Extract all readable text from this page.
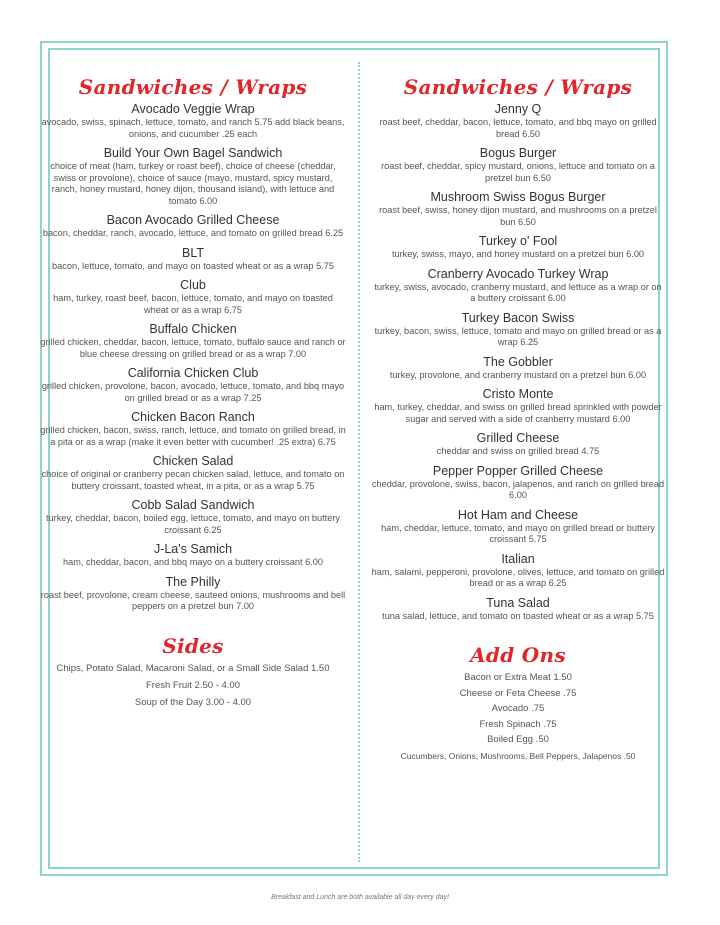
Sandwiches / Wraps
Avocado Veggie Wrap
avocado, swiss, spinach, lettuce, tomato, and ranch 5.75 add black beans, onions, and cucumber .25 each
Build Your Own Bagel Sandwich
choice of meat (ham, turkey or roast beef), choice of cheese (cheddar, swiss or provolone), choice of sauce (mayo, mustard, spicy mustard, ranch, honey mustard, honey dijon, thousand island), with lettuce and tomato 6.00
Bacon Avocado Grilled Cheese
bacon, cheddar, ranch, avocado, lettuce, and tomato on grilled bread 6.25
BLT
bacon, lettuce, tomato, and mayo on toasted wheat or as a wrap 5.75
Club
ham, turkey, roast beef, bacon, lettuce, tomato, and mayo on toasted wheat or as a wrap 6.75
Buffalo Chicken
grilled chicken, cheddar, bacon, lettuce, tomato, buffalo sauce and ranch or blue cheese dressing on grilled bread or as a wrap 7.00
California Chicken Club
grilled chicken, provolone, bacon, avocado, lettuce, tomato, and bbq mayo on grilled bread or as a wrap 7.25
Chicken Bacon Ranch
grilled chicken, bacon, swiss, ranch, lettuce, and tomato on grilled bread, in a pita or as a wrap (make it even better with cucumber! .25 extra) 6.75
Chicken Salad
choice of original or cranberry pecan chicken salad, lettuce, and tomato on buttery croissant, toasted wheat, in a pita, or as a wrap 5.75
Cobb Salad Sandwich
turkey, cheddar, bacon, boiled egg, lettuce, tomato, and mayo on buttery croissant 6.25
J-La's Samich
ham, cheddar, bacon, and bbq mayo on a buttery croissant 6.00
The Philly
roast beef, provolone, cream cheese, sauteed onions, mushrooms and bell peppers on a pretzel bun 7.00
Sides
Chips, Potato Salad, Macaroni Salad, or a Small Side Salad 1.50
Fresh Fruit 2.50 - 4.00
Soup of the Day 3.00 - 4.00
Sandwiches / Wraps
Jenny Q
roast beef, cheddar, bacon, lettuce, tomato, and bbq mayo on grilled bread 6.50
Bogus Burger
roast beef, cheddar, spicy mustard, onions, lettuce and tomato on a pretzel bun 6.50
Mushroom Swiss Bogus Burger
roast beef, swiss, honey dijon mustard, and mushrooms on a pretzel bun 6.50
Turkey o' Fool
turkey, swiss, mayo, and honey mustard on a pretzel bun 6.00
Cranberry Avocado Turkey Wrap
turkey, swiss, avocado, cranberry mustard, and lettuce as a wrap or on a buttery croissant 6.00
Turkey Bacon Swiss
turkey, bacon, swiss, lettuce, tomato and mayo on grilled bread or as a wrap 6.25
The Gobbler
turkey, provolone, and cranberry mustard on a pretzel bun 6.00
Cristo Monte
ham, turkey, cheddar, and swiss on grilled bread sprinkled with powder sugar and served with a side of cranberry mustard 6.00
Grilled Cheese
cheddar and swiss on grilled bread 4.75
Pepper Popper Grilled Cheese
cheddar, provolone, swiss, bacon, jalapenos, and ranch on grilled bread 6.00
Hot Ham and Cheese
ham, cheddar, lettuce, tomato, and mayo on grilled bread or buttery croissant 5.75
Italian
ham, salami, pepperoni, provolone, olives, lettuce, and tomato on grilled bread or as a wrap 6.25
Tuna Salad
tuna salad, lettuce, and tomato on toasted wheat or as a wrap 5.75
Add Ons
Bacon or Extra Meat 1.50
Cheese or Feta Cheese .75
Avocado .75
Fresh Spinach .75
Boiled Egg .50
Cucumbers, Onions, Mushrooms, Bell Peppers, Jalapenos .50
Breakfast and Lunch are both available all day every day!
